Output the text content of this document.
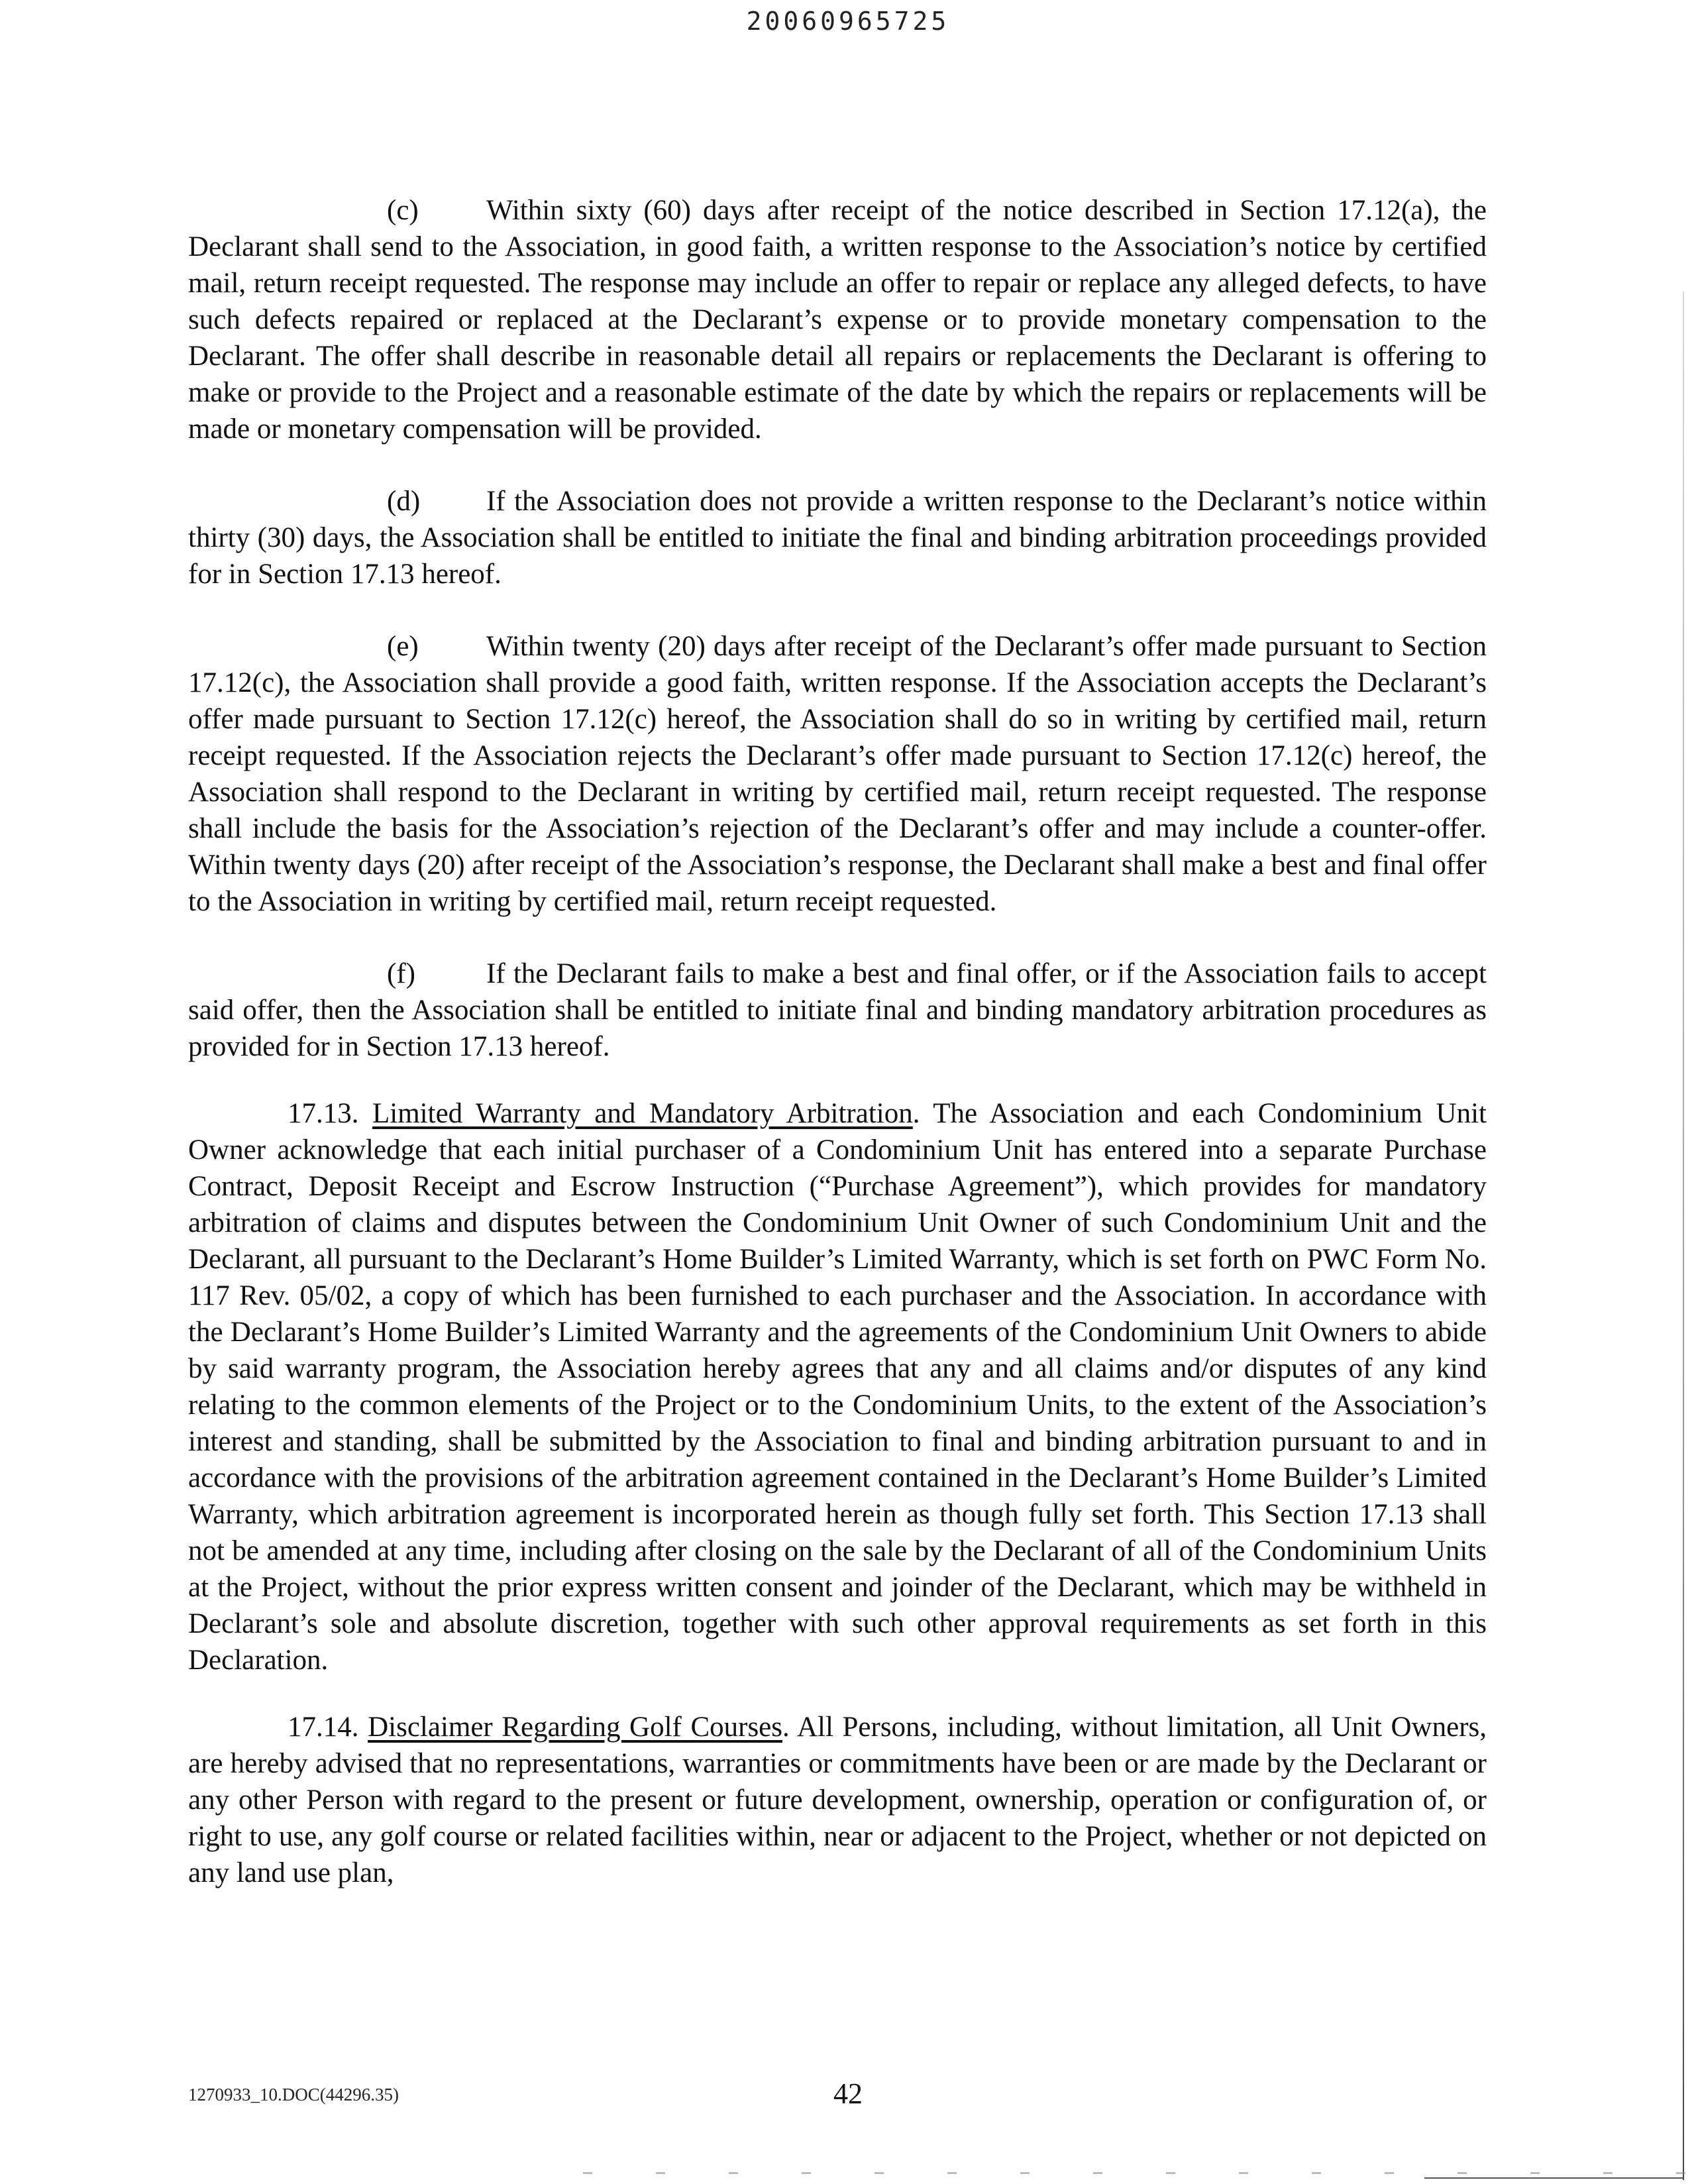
20060965725

(c) Within sixty (60) days after receipt of the notice described in Section 17.12(a), the Declarant shall send to the Association, in good faith, a written response to the Association’s notice by certified mail, return receipt requested. The response may include an offer to repair or replace any alleged defects, to have such defects repaired or replaced at the Declarant’s expense or to provide monetary compensation to the Declarant. The offer shall describe in reasonable detail all repairs or replacements the Declarant is offering to make or provide to the Project and a reasonable estimate of the date by which the repairs or replacements will be made or monetary compensation will be provided.

(d) If the Association does not provide a written response to the Declarant’s notice within thirty (30) days, the Association shall be entitled to initiate the final and binding arbitration proceedings provided for in Section 17.13 hereof.

(e) Within twenty (20) days after receipt of the Declarant’s offer made pursuant to Section 17.12(c), the Association shall provide a good faith, written response. If the Association accepts the Declarant’s offer made pursuant to Section 17.12(c) hereof, the Association shall do so in writing by certified mail, return receipt requested. If the Association rejects the Declarant’s offer made pursuant to Section 17.12(c) hereof, the Association shall respond to the Declarant in writing by certified mail, return receipt requested. The response shall include the basis for the Association’s rejection of the Declarant’s offer and may include a counter-offer. Within twenty days (20) after receipt of the Association’s response, the Declarant shall make a best and final offer to the Association in writing by certified mail, return receipt requested.

(f) If the Declarant fails to make a best and final offer, or if the Association fails to accept said offer, then the Association shall be entitled to initiate final and binding mandatory arbitration procedures as provided for in Section 17.13 hereof.

17.13. Limited Warranty and Mandatory Arbitration. The Association and each Condominium Unit Owner acknowledge that each initial purchaser of a Condominium Unit has entered into a separate Purchase Contract, Deposit Receipt and Escrow Instruction (“Purchase Agreement”), which provides for mandatory arbitration of claims and disputes between the Condominium Unit Owner of such Condominium Unit and the Declarant, all pursuant to the Declarant’s Home Builder’s Limited Warranty, which is set forth on PWC Form No. 117 Rev. 05/02, a copy of which has been furnished to each purchaser and the Association. In accordance with the Declarant’s Home Builder’s Limited Warranty and the agreements of the Condominium Unit Owners to abide by said warranty program, the Association hereby agrees that any and all claims and/or disputes of any kind relating to the common elements of the Project or to the Condominium Units, to the extent of the Association’s interest and standing, shall be submitted by the Association to final and binding arbitration pursuant to and in accordance with the provisions of the arbitration agreement contained in the Declarant’s Home Builder’s Limited Warranty, which arbitration agreement is incorporated herein as though fully set forth. This Section 17.13 shall not be amended at any time, including after closing on the sale by the Declarant of all of the Condominium Units at the Project, without the prior express written consent and joinder of the Declarant, which may be withheld in Declarant’s sole and absolute discretion, together with such other approval requirements as set forth in this Declaration.

17.14. Disclaimer Regarding Golf Courses. All Persons, including, without limitation, all Unit Owners, are hereby advised that no representations, warranties or commitments have been or are made by the Declarant or any other Person with regard to the present or future development, ownership, operation or configuration of, or right to use, any golf course or related facilities within, near or adjacent to the Project, whether or not depicted on any land use plan,

1270933_10.DOC(44296.35)	42
